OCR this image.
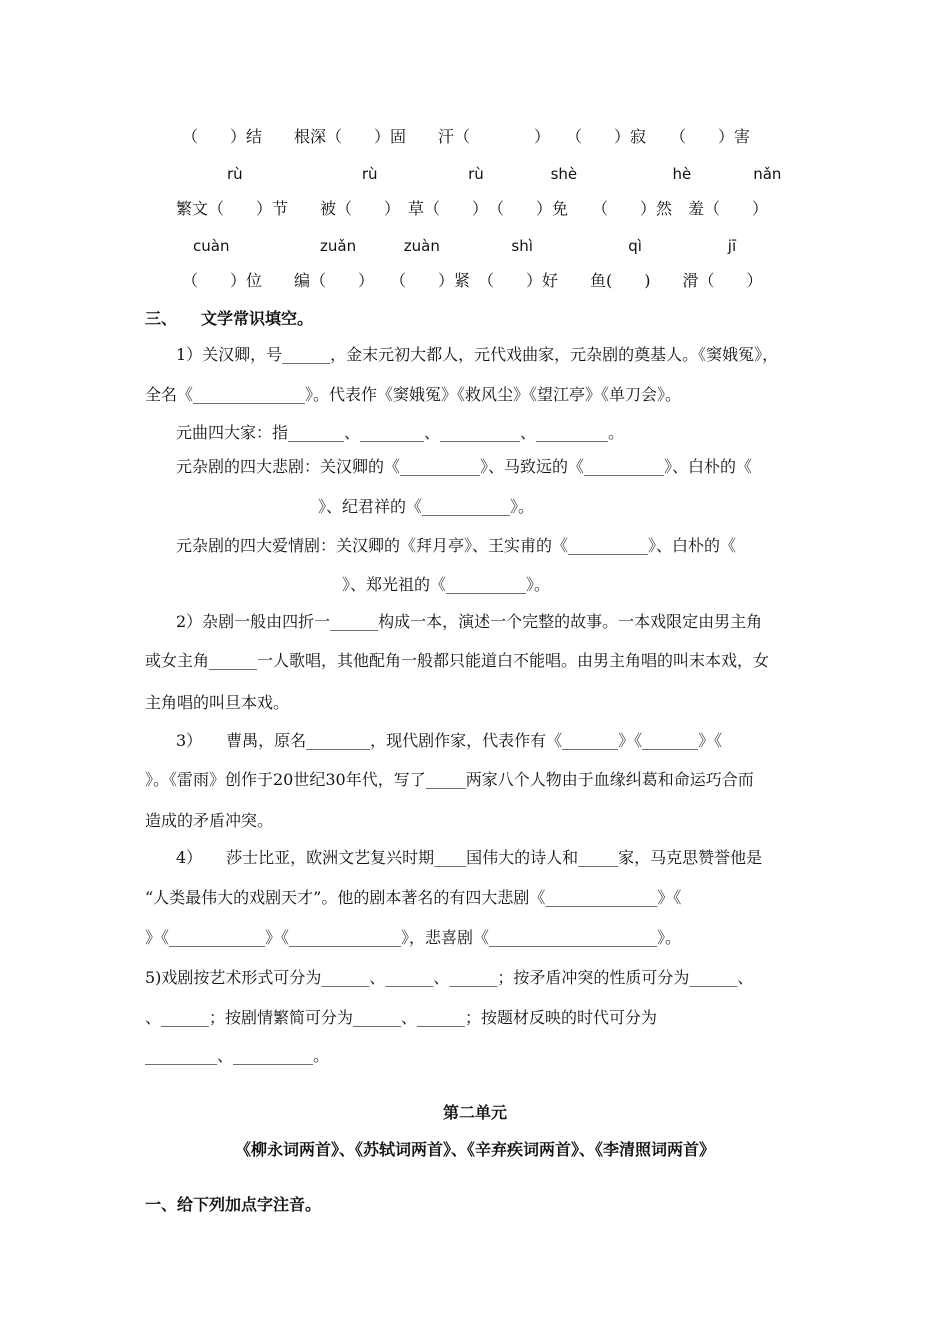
（　　）结　　根深（　　）固　　汗（　　　　）　　（　　）寂　　（　　）害
rù                         rù                   rù              shè                    hè             nǎn
繁文（　　）节　　被（　　）　草（　　）　（　　）免　　（　　）然　羞（　　）
cuàn                   zuǎn          zuàn               shì                    qì                  jī
（　　）位　　编（　　）　　（　　）紧　（　　）好　　鱼(　　)　　滑（　　）
三、　　文学常识填空。
1）关汉卿，号______，金末元初大都人，元代戏曲家，元杂剧的奠基人。《窦娥冤》，
全名《______________》。代表作《窦娥冤》《救风尘》《望江亭》《单刀会》。
元曲四大家：指_______、________、__________、_________。
元杂剧的四大悲剧：关汉卿的《__________》、马致远的《__________》、白朴的《
》、纪君祥的《___________》。
元杂剧的四大爱情剧：关汉卿的《拜月亭》、王实甫的《__________》、白朴的《
》、郑光祖的《__________》。
2）杂剧一般由四折一______构成一本，演述一个完整的故事。一本戏限定由男主角
或女主角______一人歌唱，其他配角一般都只能道白不能唱。由男主角唱的叫末本戏，女
主角唱的叫旦本戏。
3）　　曹禺，原名________，现代剧作家，代表作有《_______》《_______》《
》。《雷雨》创作于20世纪30年代，写了_____两家八个人物由于血缘纠葛和命运巧合而
造成的矛盾冲突。
4）　　莎士比亚，欧洲文艺复兴时期____国伟大的诗人和_____家，马克思赞誉他是
“人类最伟大的戏剧天才”。他的剧本著名的有四大悲剧《______________》《
》《____________》《______________》，悲喜剧《_____________________》。
5)戏剧按艺术形式可分为______、______、______；按矛盾冲突的性质可分为______、
、______；按剧情繁简可分为______、______；按题材反映的时代可分为
_________、__________。
第二单元
《柳永词两首》、《苏轼词两首》、《辛弃疾词两首》、《李清照词两首》
一、给下列加点字注音。
